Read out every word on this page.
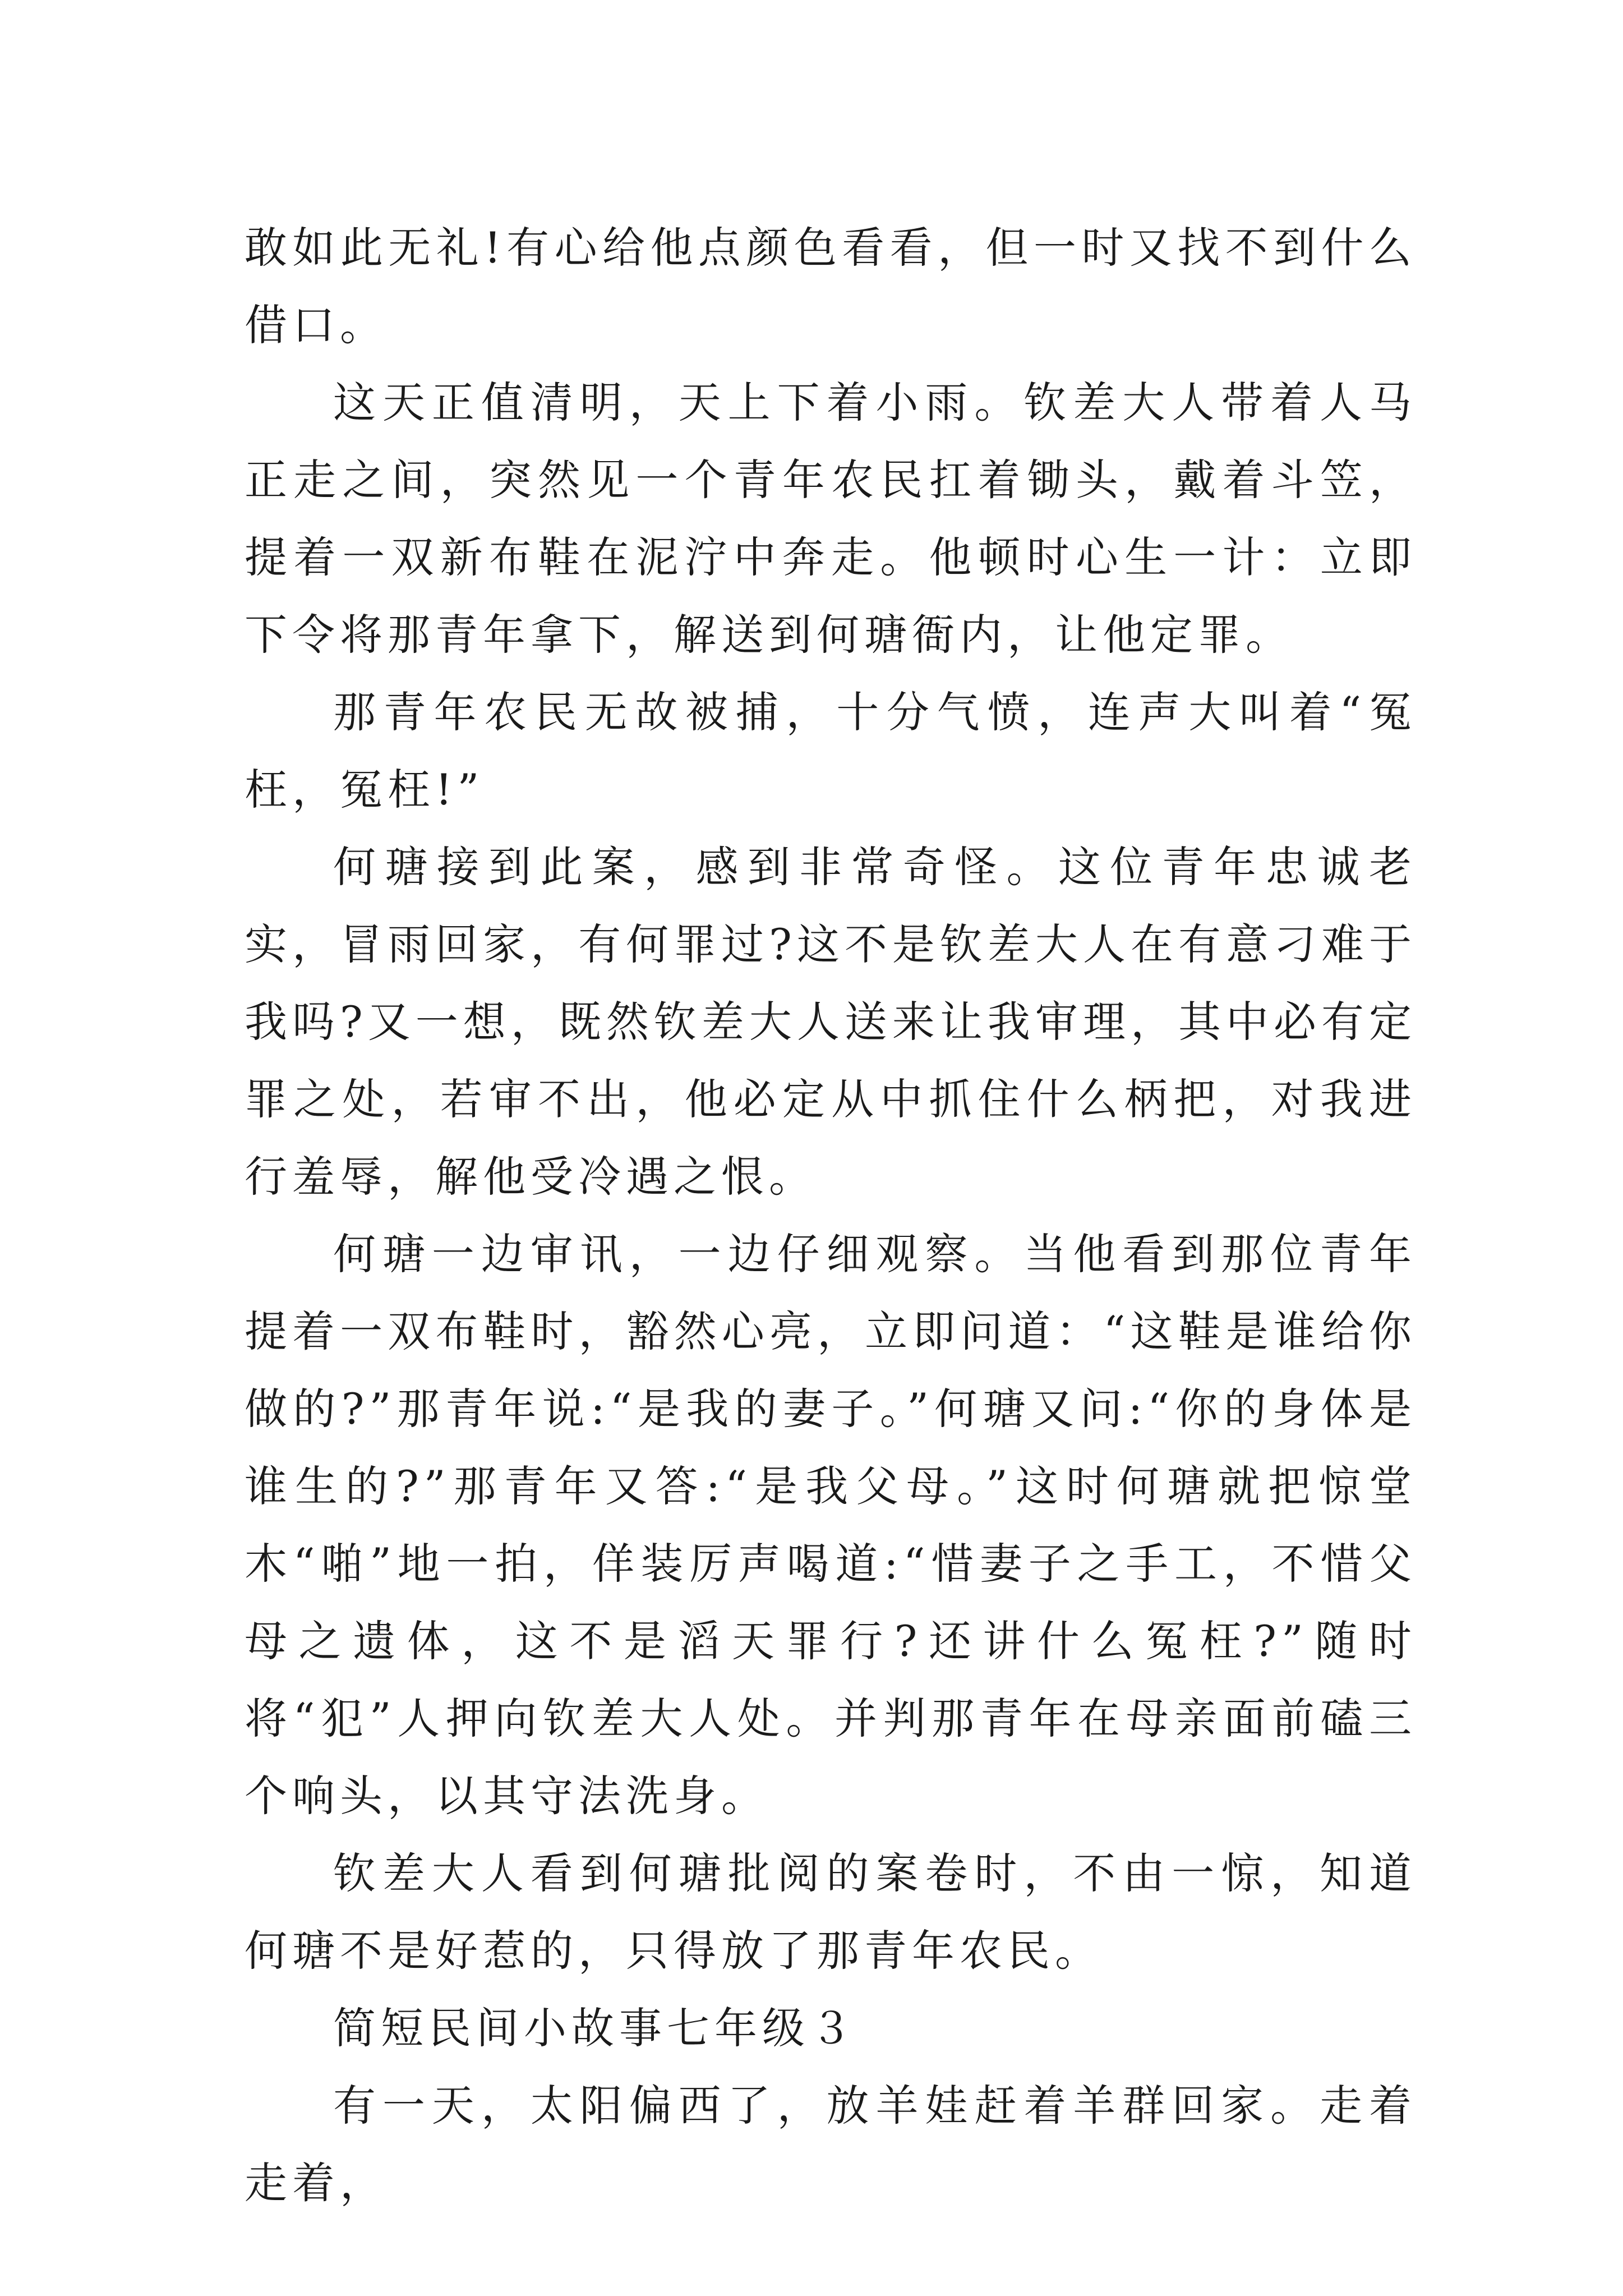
敢如此无礼!有心给他点颜色看看，但一时又找不到什么借口。

这天正值清明，天上下着小雨。钦差大人带着人马正走之间，突然见一个青年农民扛着锄头，戴着斗笠，提着一双新布鞋在泥泞中奔走。他顿时心生一计：立即下令将那青年拿下，解送到何瑭衙内，让他定罪。

那青年农民无故被捕，十分气愤，连声大叫着“冤枉，冤枉!”

何瑭接到此案，感到非常奇怪。这位青年忠诚老实，冒雨回家，有何罪过?这不是钦差大人在有意刁难于我吗?又一想，既然钦差大人送来让我审理，其中必有定罪之处，若审不出，他必定从中抓住什么柄把，对我进行羞辱，解他受冷遇之恨。

何瑭一边审讯，一边仔细观察。当他看到那位青年提着一双布鞋时，豁然心亮，立即问道：“这鞋是谁给你做的?”那青年说:“是我的妻子。”何瑭又问:“你的身体是谁生的?”那青年又答:“是我父母。”这时何瑭就把惊堂木“啪”地一拍，佯装厉声喝道:“惜妻子之手工，不惜父母之遗体，这不是滔天罪行?还讲什么冤枉?”随时将“犯”人押向钦差大人处。并判那青年在母亲面前磕三个响头，以其守法洗身。

钦差大人看到何瑭批阅的案卷时，不由一惊，知道何瑭不是好惹的，只得放了那青年农民。

简短民间小故事七年级３

有一天，太阳偏西了，放羊娃赶着羊群回家。走着走着，
